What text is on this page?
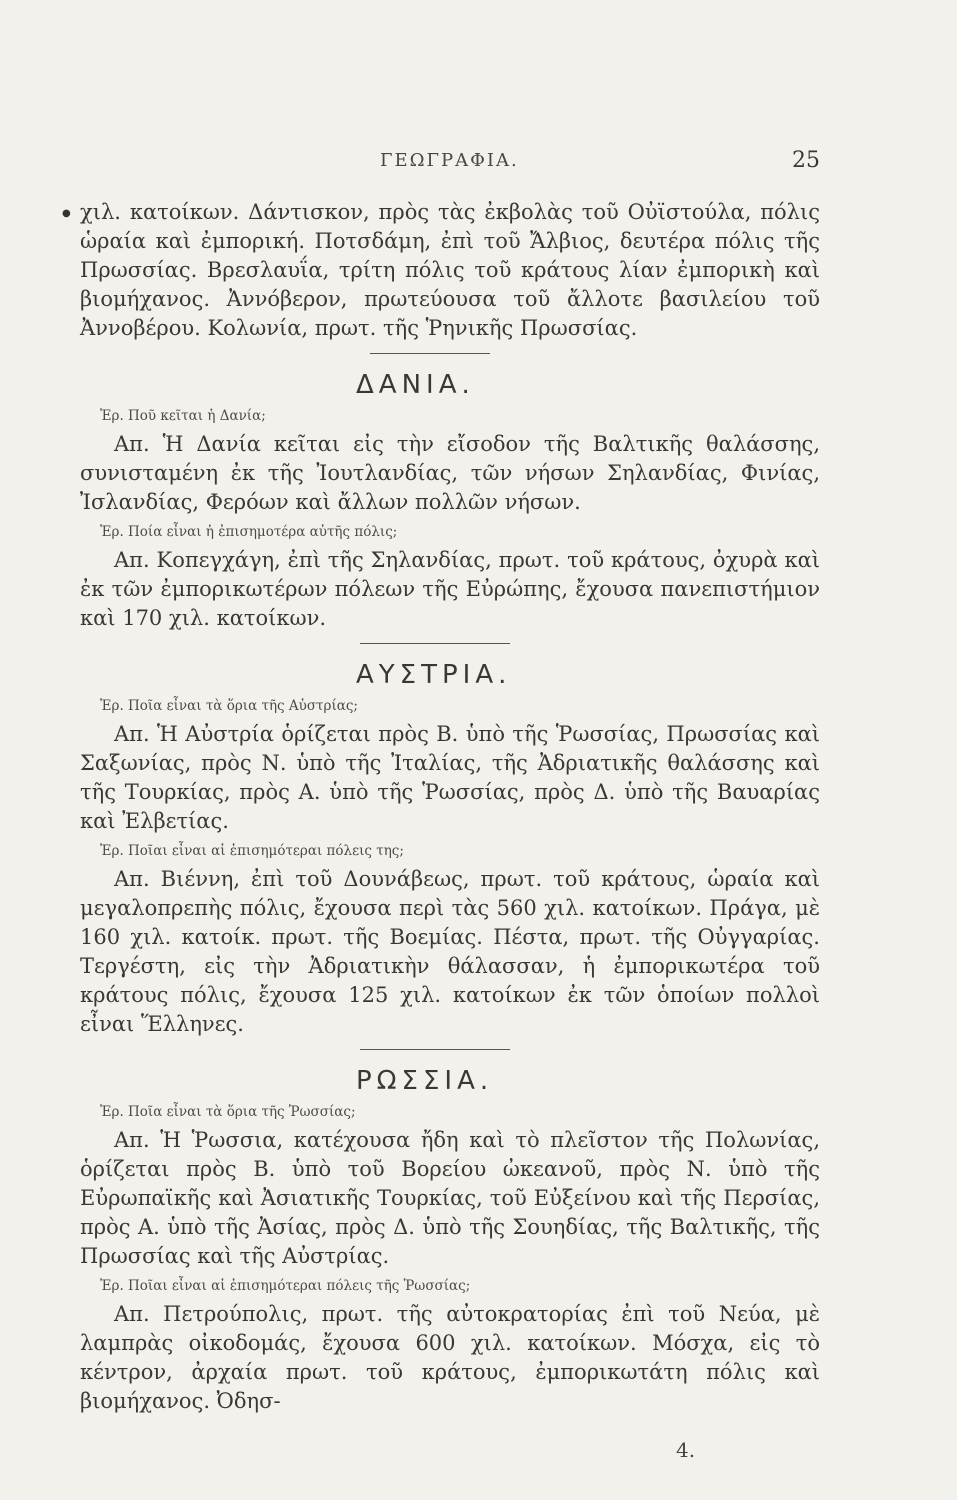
ΓΕΩΓΡΑΦΙΑ.	25
● χιλ. κατοίκων. Δάντισκον, πρὸς τὰς ἐκβολὰς τοῦ Οὐϊστούλα, πόλις ὡραία καὶ ἐμπορική. Ποτσδάμη, ἐπὶ τοῦ Ἄλβιος, δευτέρα πόλις τῆς Πρωσσίας. Βρεσλαυΐα, τρίτη πόλις τοῦ κράτους λίαν ἐμπορικὴ καὶ βιομήχανος. Ἀννόβερον, πρωτεύουσα τοῦ ἄλλοτε βασιλείου τοῦ Ἀννοβέρου. Κολωνία, πρωτ. τῆς Ῥηνικῆς Πρωσσίας.

ΔΑΝΙΑ.

Ἐρ. Ποῦ κεῖται ἡ Δανία;

Απ. Ἡ Δανία κεῖται εἰς τὴν εἴσοδον τῆς Βαλτικῆς θαλάσσης, συνισταμένη ἐκ τῆς Ἰουτλανδίας, τῶν νήσων Σηλανδίας, Φινίας, Ἰσλανδίας, Φερόων καὶ ἄλλων πολλῶν νήσων.

Ἐρ. Ποία εἶναι ἡ ἐπισημοτέρα αὐτῆς πόλις;

Απ. Κοπεγχάγη, ἐπὶ τῆς Σηλανδίας, πρωτ. τοῦ κράτους, ὀχυρὰ καὶ ἐκ τῶν ἐμπορικωτέρων πόλεων τῆς Εὐρώπης, ἔχουσα πανεπιστήμιον καὶ 170 χιλ. κατοίκων.

ΑΥΣΤΡΙΑ.

Ἐρ. Ποῖα εἶναι τὰ ὅρια τῆς Αὐστρίας;

Απ. Ἡ Αὐστρία ὁρίζεται πρὸς Β. ὑπὸ τῆς Ῥωσσίας, Πρωσσίας καὶ Σαξωνίας, πρὸς Ν. ὑπὸ τῆς Ἰταλίας, τῆς Ἀδριατικῆς θαλάσσης καὶ τῆς Τουρκίας, πρὸς Α. ὑπὸ τῆς Ῥωσσίας, πρὸς Δ. ὑπὸ τῆς Βαυαρίας καὶ Ἐλβετίας.

Ἐρ. Ποῖαι εἶναι αἱ ἐπισημότεραι πόλεις της;

Απ. Βιέννη, ἐπὶ τοῦ Δουνάβεως, πρωτ. τοῦ κράτους, ὡραία καὶ μεγαλοπρεπὴς πόλις, ἔχουσα περὶ τὰς 560 χιλ. κατοίκων. Πράγα, μὲ 160 χιλ. κατοίκ. πρωτ. τῆς Βοεμίας. Πέστα, πρωτ. τῆς Οὐγγαρίας. Τεργέστη, εἰς τὴν Ἀδριατικὴν θάλασσαν, ἡ ἐμπορικωτέρα τοῦ κράτους πόλις, ἔχουσα 125 χιλ. κατοίκων ἐκ τῶν ὁποίων πολλοὶ εἶναι Ἕλληνες.

ΡΩΣΣΙΑ.

Ἐρ. Ποῖα εἶναι τὰ ὅρια τῆς Ῥωσσίας;

Απ. Ἡ Ῥωσσια, κατέχουσα ἤδη καὶ τὸ πλεῖστον τῆς Πολωνίας, ὁρίζεται πρὸς Β. ὑπὸ τοῦ Βορείου ὠκεανοῦ, πρὸς Ν. ὑπὸ τῆς Εὐρωπαϊκῆς καὶ Ἀσιατικῆς Τουρκίας, τοῦ Εὐξείνου καὶ τῆς Περσίας, πρὸς Α. ὑπὸ τῆς Ἀσίας, πρὸς Δ. ὑπὸ τῆς Σουηδίας, τῆς Βαλτικῆς, τῆς Πρωσσίας καὶ τῆς Αὐστρίας.

Ἐρ. Ποῖαι εἶναι αἱ ἐπισημότεραι πόλεις τῆς Ῥωσσίας;

Απ. Πετρούπολις, πρωτ. τῆς αὐτοκρατορίας ἐπὶ τοῦ Νεύα, μὲ λαμπρὰς οἰκοδομάς, ἔχουσα 600 χιλ. κατοίκων. Μόσχα, εἰς τὸ κέντρον, ἀρχαία πρωτ. τοῦ κράτους, ἐμπορικωτάτη πόλις καὶ βιομήχανος. Ὀδησ-

4.
